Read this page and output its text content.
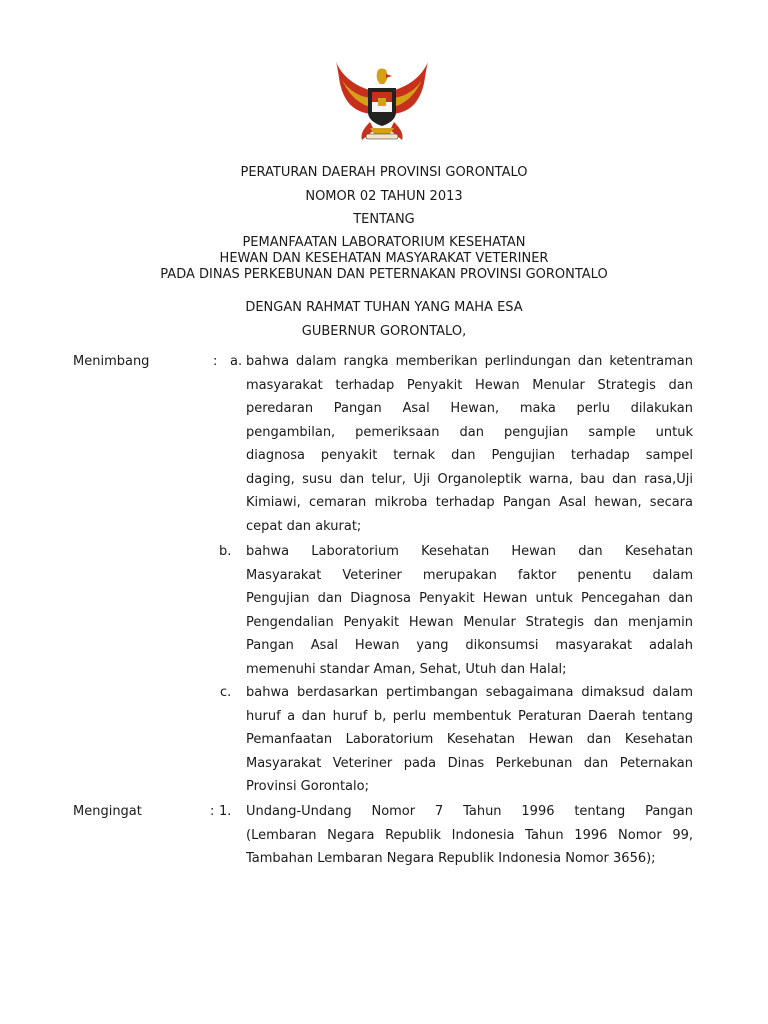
PERATURAN DAERAH PROVINSI GORONTALO
NOMOR 02 TAHUN 2013
TENTANG
PEMANFAATAN LABORATORIUM KESEHATAN
HEWAN DAN KESEHATAN MASYARAKAT VETERINER
PADA DINAS PERKEBUNAN DAN PETERNAKAN PROVINSI GORONTALO
DENGAN RAHMAT TUHAN YANG MAHA ESA
GUBERNUR GORONTALO,
Menimbang	: a. bahwa dalam rangka memberikan perlindungan dan ketentraman
masyarakat terhadap Penyakit Hewan Menular Strategis dan
peredaran Pangan Asal Hewan, maka perlu dilakukan
pengambilan, pemeriksaan dan pengujian sample untuk
diagnosa penyakit ternak dan Pengujian terhadap sampel
daging, susu dan telur, Uji Organoleptik warna, bau dan rasa,Uji
Kimiawi, cemaran mikroba terhadap Pangan Asal hewan, secara
cepat dan akurat;
b. bahwa Laboratorium Kesehatan Hewan dan Kesehatan
Masyarakat Veteriner merupakan faktor penentu dalam
Pengujian dan Diagnosa Penyakit Hewan untuk Pencegahan dan
Pengendalian Penyakit Hewan Menular Strategis dan menjamin
Pangan Asal Hewan yang dikonsumsi masyarakat adalah
memenuhi standar Aman, Sehat, Utuh dan Halal;
c. bahwa berdasarkan pertimbangan sebagaimana dimaksud dalam
huruf a dan huruf b, perlu membentuk Peraturan Daerah tentang
Pemanfaatan Laboratorium Kesehatan Hewan dan Kesehatan
Masyarakat Veteriner pada Dinas Perkebunan dan Peternakan
Provinsi Gorontalo;
Mengingat	: 1. Undang-Undang Nomor 7 Tahun 1996 tentang Pangan
(Lembaran Negara Republik Indonesia Tahun 1996 Nomor 99,
Tambahan Lembaran Negara Republik Indonesia Nomor 3656);
